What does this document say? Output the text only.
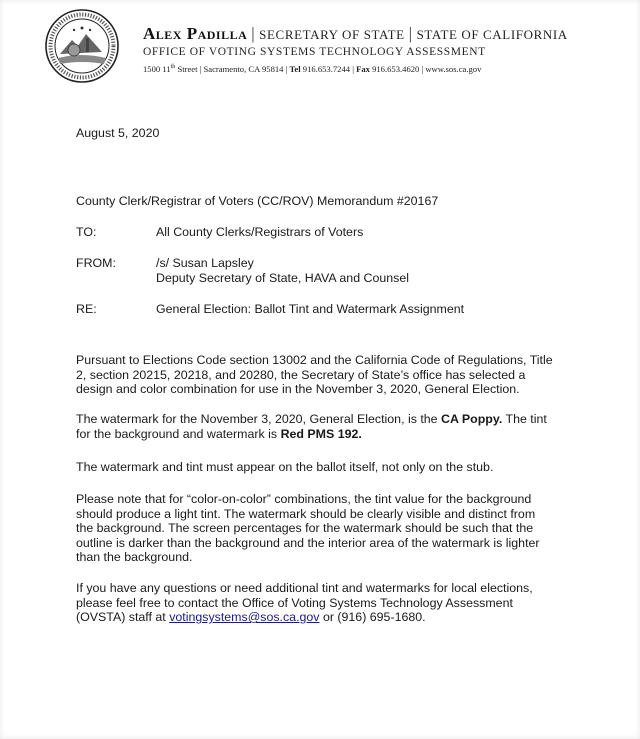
Alex Padilla | SECRETARY OF STATE | STATE OF CALIFORNIA
OFFICE OF VOTING SYSTEMS TECHNOLOGY ASSESSMENT
1500 11th Street | Sacramento, CA 95814 | Tel 916.653.7244 | Fax 916.653.4620 | www.sos.ca.gov
August 5, 2020
County Clerk/Registrar of Voters (CC/ROV) Memorandum #20167
TO:	All County Clerks/Registrars of Voters
FROM:	/s/ Susan Lapsley
Deputy Secretary of State, HAVA and Counsel
RE:	General Election: Ballot Tint and Watermark Assignment
Pursuant to Elections Code section 13002 and the California Code of Regulations, Title
2, section 20215, 20218, and 20280, the Secretary of State’s office has selected a
design and color combination for use in the November 3, 2020, General Election.
The watermark for the November 3, 2020, General Election, is the CA Poppy. The tint
for the background and watermark is Red PMS 192.
The watermark and tint must appear on the ballot itself, not only on the stub.
Please note that for “color-on-color” combinations, the tint value for the background
should produce a light tint. The watermark should be clearly visible and distinct from
the background. The screen percentages for the watermark should be such that the
outline is darker than the background and the interior area of the watermark is lighter
than the background.
If you have any questions or need additional tint and watermarks for local elections,
please feel free to contact the Office of Voting Systems Technology Assessment
(OVSTA) staff at votingsystems@sos.ca.gov or (916) 695-1680.
